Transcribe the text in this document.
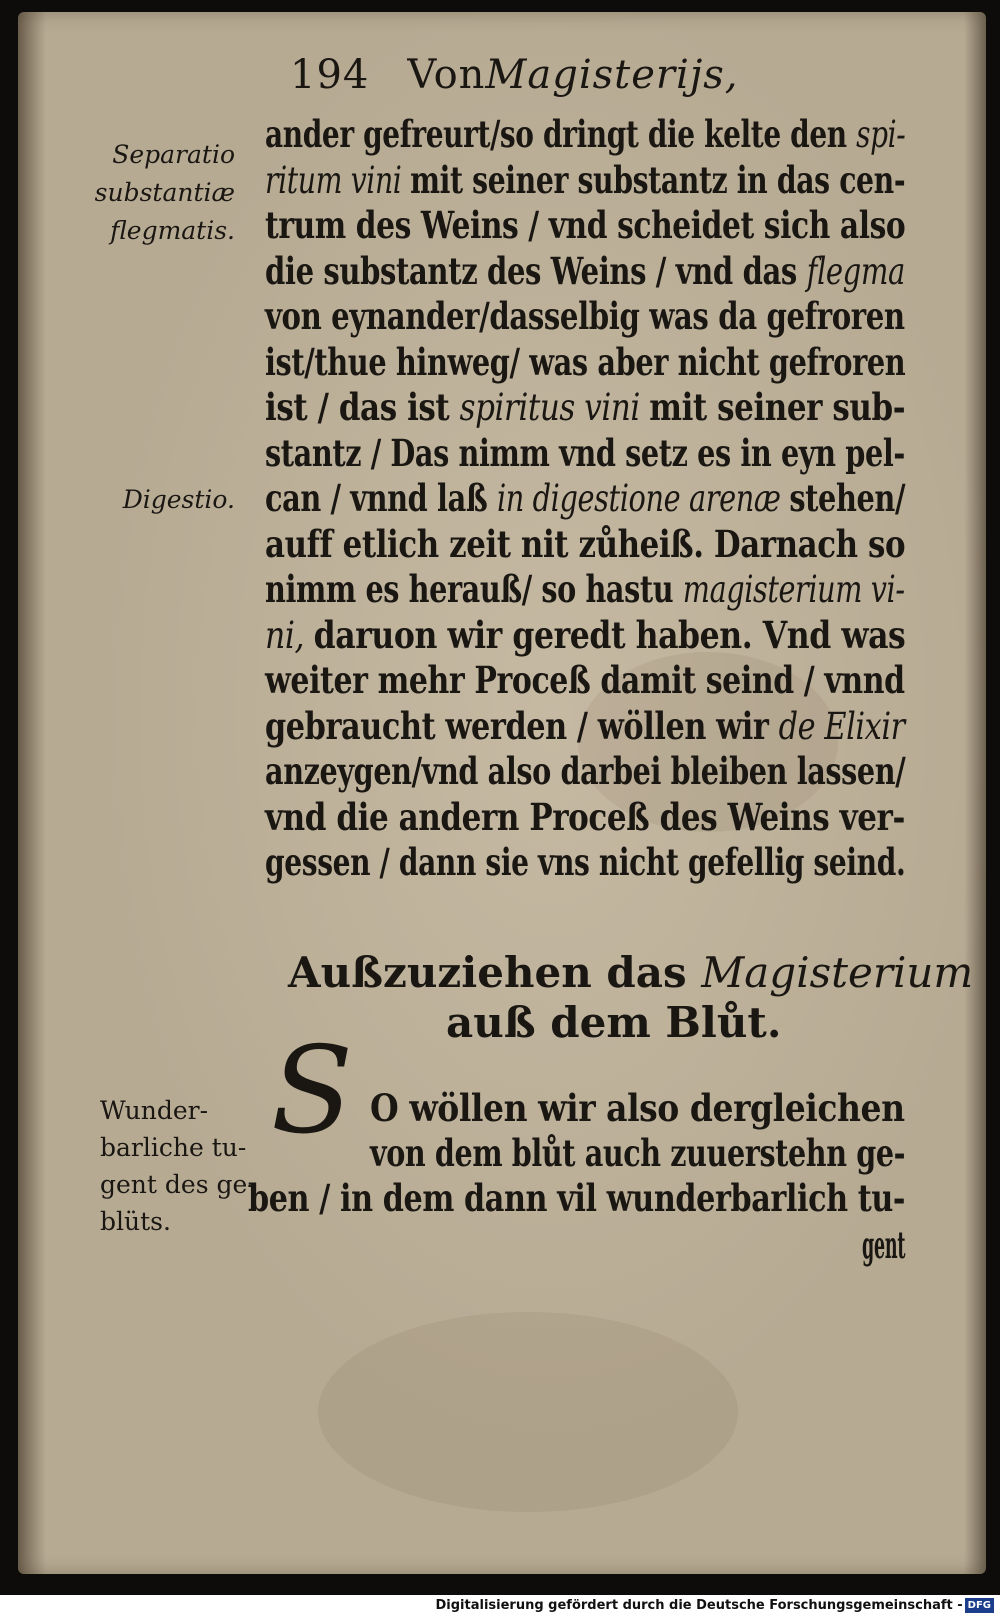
194 VonMagisterijs,
Separatio
substantiæ
flegmatis.
Digestio.
Wunder-
barliche tu-
gent des ge-
blüts.
ander gefreurt/so dringt die kelte den spi-
ritum vini mit seiner substantz in das cen-
trum des Weins / vnd scheidet sich also
die substantz des Weins / vnd das flegma
von eynander/dasselbig was da gefroren
ist/thue hinweg/ was aber nicht gefroren
ist / das ist spiritus vini mit seiner sub-
stantz / Das nimm vnd setz es in eyn pel-
can / vnnd laß in digestione arenæ stehen/
auff etlich zeit nit zůheiß. Darnach so
nimm es herauß/ so hastu magisterium vi-
ni, daruon wir geredt haben. Vnd was
weiter mehr Proceß damit seind / vnnd
gebraucht werden / wöllen wir de Elixir
anzeygen/vnd also darbei bleiben lassen/
vnd die andern Proceß des Weins ver-
gessen / dann sie vns nicht gefellig seind.
Außzuziehen das Magisterium
auß dem Blůt.
S O wöllen wir also dergleichen
von dem blůt auch zuuerstehn ge-
ben / in dem dann vil wunderbarlich tu-
gent
Digitalisierung gefördert durch die Deutsche Forschungsgemeinschaft - DFG
